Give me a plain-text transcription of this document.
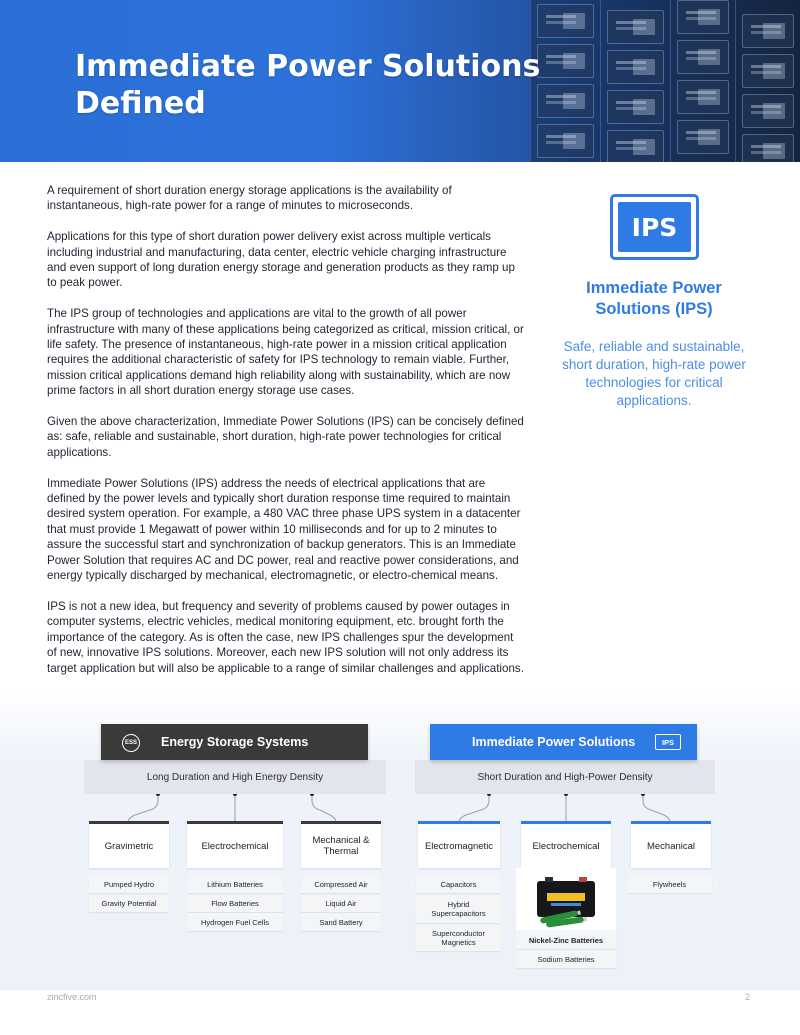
Immediate Power Solutions Defined

A requirement of short duration energy storage applications is the availability of instantaneous, high-rate power for a range of minutes to microseconds.

Applications for this type of short duration power delivery exist across multiple verticals including industrial and manufacturing, data center, electric vehicle charging infrastructure and even support of long duration energy storage and generation products as they ramp up to peak power.

The IPS group of technologies and applications are vital to the growth of all power infrastructure with many of these applications being categorized as critical, mission critical, or life safety. The presence of instantaneous, high-rate power in a mission critical application requires the additional characteristic of safety for IPS technology to remain viable. Further, mission critical applications demand high reliability along with sustainability, which are now prime factors in all short duration energy storage use cases.

Given the above characterization, Immediate Power Solutions (IPS) can be concisely defined as: safe, reliable and sustainable, short duration, high-rate power technologies for critical applications.

Immediate Power Solutions (IPS) address the needs of electrical applications that are defined by the power levels and typically short duration response time required to maintain desired system operation. For example, a 480 VAC three phase UPS system in a datacenter that must provide 1 Megawatt of power within 10 milliseconds and for up to 2 minutes to assure the successful start and synchronization of backup generators. This is an Immediate Power Solution that requires AC and DC power, real and reactive power considerations, and energy typically discharged by mechanical, electromagnetic, or electro-chemical means.

IPS is not a new idea, but frequency and severity of problems caused by power outages in computer systems, electric vehicles, medical monitoring equipment, etc. brought forth the importance of the category. As is often the case, new IPS challenges spur the development of new, innovative IPS solutions. Moreover, each new IPS solution will not only address its target application but will also be applicable to a range of similar challenges and applications.

IPS
Immediate Power Solutions (IPS)
Safe, reliable and sustainable, short duration, high-rate power technologies for critical applications.
Long Duration and High Energy Density	Short Duration and High-Power Density
ESS Energy Storage Systems	Immediate Power Solutions	IPS
Gravimetric	Electrochemical	Mechanical & Thermal
Pumped Hydro
Gravity Potential
Lithium Batteries
Flow Batteries
Hydrogen Fuel Cells
Compressed Air
Liquid Air
Sand Battery
Electromagnetic	Electrochemical	Mechanical
Capacitors
Hybrid Supercapacitors
Superconductor Magnetics	Nickel-Zinc Batteries
Sodium Batteries
Flywheels
zincfive.com	2
